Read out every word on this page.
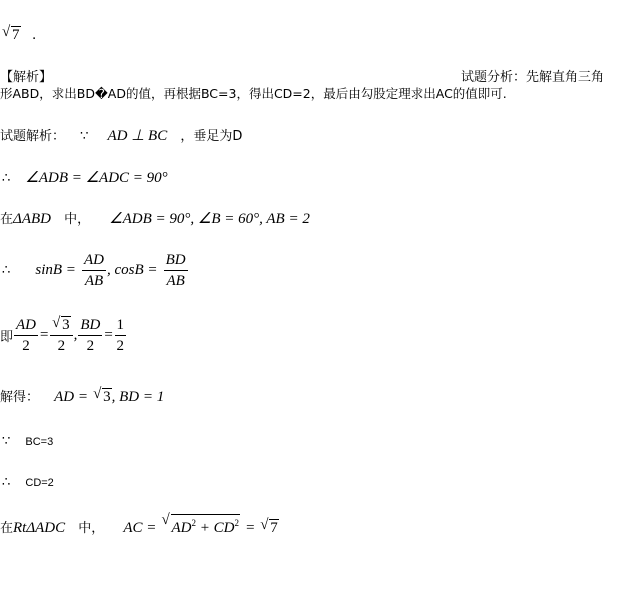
√ 7 .
【解析】	试题分析：先解直角三角
形ABD，求出BD�AD的值，再根据BC=3，得出CD=2，最后由勾股定理求出AC的值即可.
试题解析： ∵ AD ⊥ BC ，垂足为D
∴ ∠ADB = ∠ADC = 90°
在ΔABD 中， ∠ADB = 90°, ∠B = 60°, AB = 2
∴ $\sin B = \frac{AD}{AB}$ , $\cos B = \frac{BD}{AB}$
即 $\frac{AD}{2} = \frac{√ 3}{2}$ , $\frac{BD}{2} = \frac{1}{2}$
解得： AD = √ 3, BD = 1
∵ BC=3
∴ CD=2
在RtΔADC 中， AC = √ $AD^2 + CD^2$ = √ 7
